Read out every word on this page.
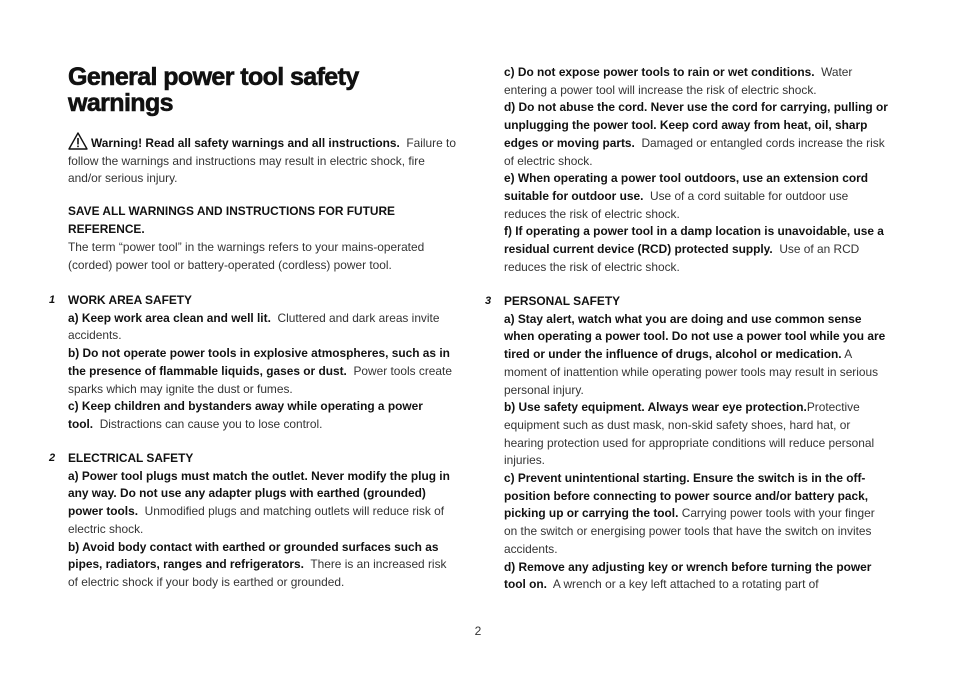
General power tool safety warnings

Warning! Read all safety warnings and all instructions. Failure to follow the warnings and instructions may result in electric shock, fire and/or serious injury.

SAVE ALL WARNINGS AND INSTRUCTIONS FOR FUTURE REFERENCE.

The term “power tool” in the warnings refers to your mains-operated (corded) power tool or battery-operated (cordless) power tool.

1 WORK AREA SAFETY

a) Keep work area clean and well lit. Cluttered and dark areas invite accidents.

b) Do not operate power tools in explosive atmospheres, such as in the presence of flammable liquids, gases or dust. Power tools create sparks which may ignite the dust or fumes.

c) Keep children and bystanders away while operating a power tool. Distractions can cause you to lose control.

2 ELECTRICAL SAFETY

a) Power tool plugs must match the outlet. Never modify the plug in any way. Do not use any adapter plugs with earthed (grounded) power tools. Unmodified plugs and matching outlets will reduce risk of electric shock.

b) Avoid body contact with earthed or grounded surfaces such as pipes, radiators, ranges and refrigerators. There is an increased risk of electric shock if your body is earthed or grounded.

c) Do not expose power tools to rain or wet conditions. Water entering a power tool will increase the risk of electric shock.

d) Do not abuse the cord. Never use the cord for carrying, pulling or unplugging the power tool. Keep cord away from heat, oil, sharp edges or moving parts. Damaged or entangled cords increase the risk of electric shock.

e) When operating a power tool outdoors, use an extension cord suitable for outdoor use. Use of a cord suitable for outdoor use reduces the risk of electric shock.

f) If operating a power tool in a damp location is unavoidable, use a residual current device (RCD) protected supply. Use of an RCD reduces the risk of electric shock.

3 PERSONAL SAFETY

a) Stay alert, watch what you are doing and use common sense when operating a power tool. Do not use a power tool while you are tired or under the influence of drugs, alcohol or medication. A moment of inattention while operating power tools may result in serious personal injury.

b) Use safety equipment. Always wear eye protection.Protective equipment such as dust mask, non-skid safety shoes, hard hat, or hearing protection used for appropriate conditions will reduce personal injuries.

c) Prevent unintentional starting. Ensure the switch is in the off-position before connecting to power source and/or battery pack, picking up or carrying the tool. Carrying power tools with your finger on the switch or energising power tools that have the switch on invites accidents.

d) Remove any adjusting key or wrench before turning the power tool on. A wrench or a key left attached to a rotating part of

2
